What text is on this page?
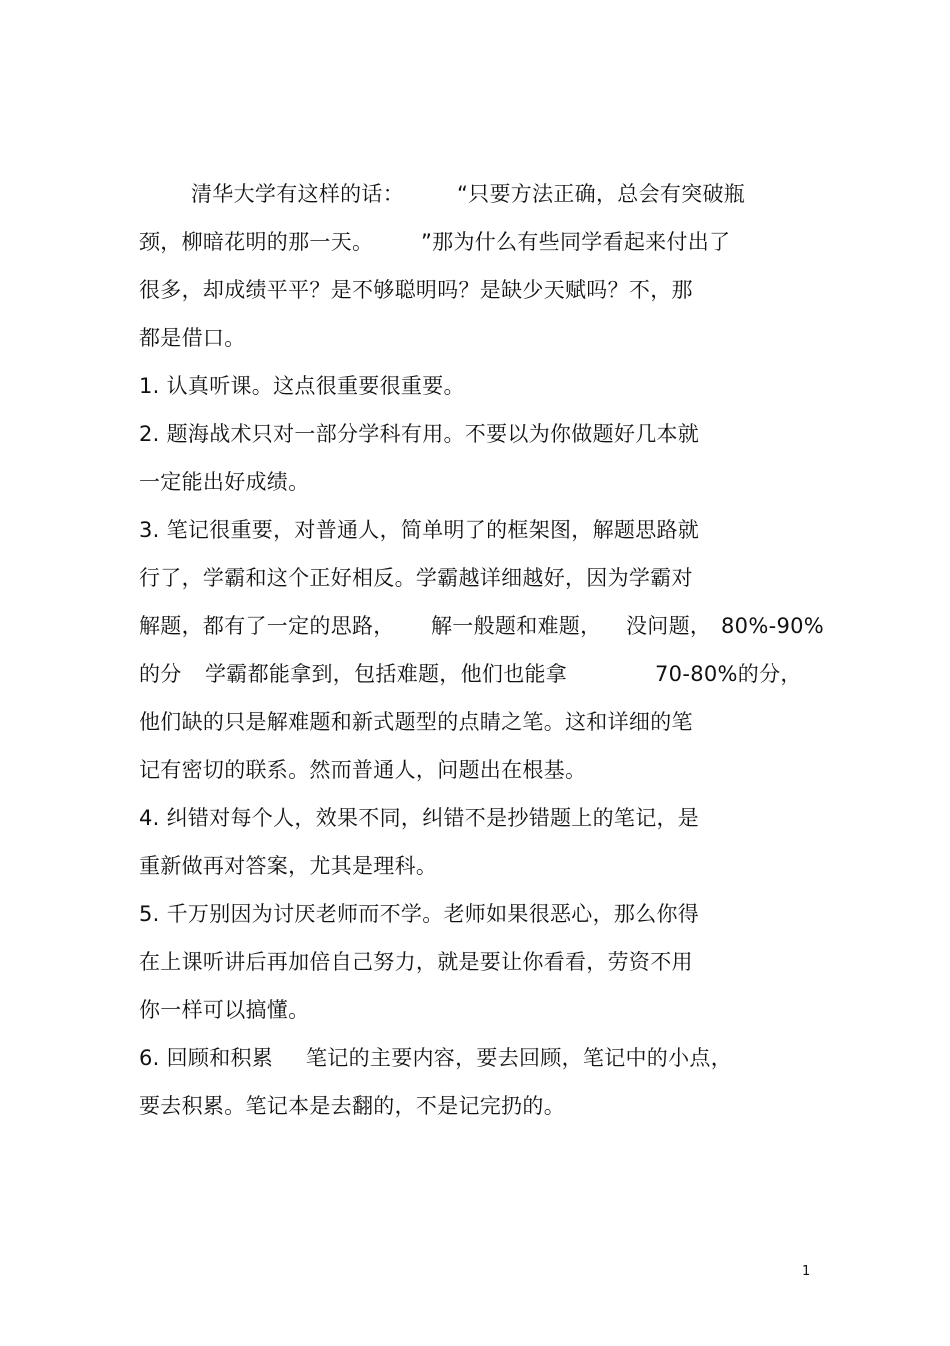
清华大学有这样的话：	“只要方法正确，总会有突破瓶
颈，柳暗花明的那一天。 ”那为什么有些同学看起来付出了
很多，却成绩平平？是不够聪明吗？是缺少天赋吗？不，那
都是借口。
1. 认真听课。这点很重要很重要。
2. 题海战术只对一部分学科有用。不要以为你做题好几本就
一定能出好成绩。
3. 笔记很重要，对普通人，简单明了的框架图，解题思路就
行了，学霸和这个正好相反。学霸越详细越好，因为学霸对
解题，都有了一定的思路， 解一般题和难题， 没问题， 80%-90%
的分 学霸都能拿到，包括难题，他们也能拿	70-80%的分，
他们缺的只是解难题和新式题型的点睛之笔。这和详细的笔
记有密切的联系。然而普通人，问题出在根基。
4. 纠错对每个人，效果不同，纠错不是抄错题上的笔记，是
重新做再对答案，尤其是理科。
5. 千万别因为讨厌老师而不学。老师如果很恶心，那么你得
在上课听讲后再加倍自己努力，就是要让你看看，劳资不用
你一样可以搞懂。
6. 回顾和积累 笔记的主要内容，要去回顾，笔记中的小点，
要去积累。笔记本是去翻的，不是记完扔的。
1
